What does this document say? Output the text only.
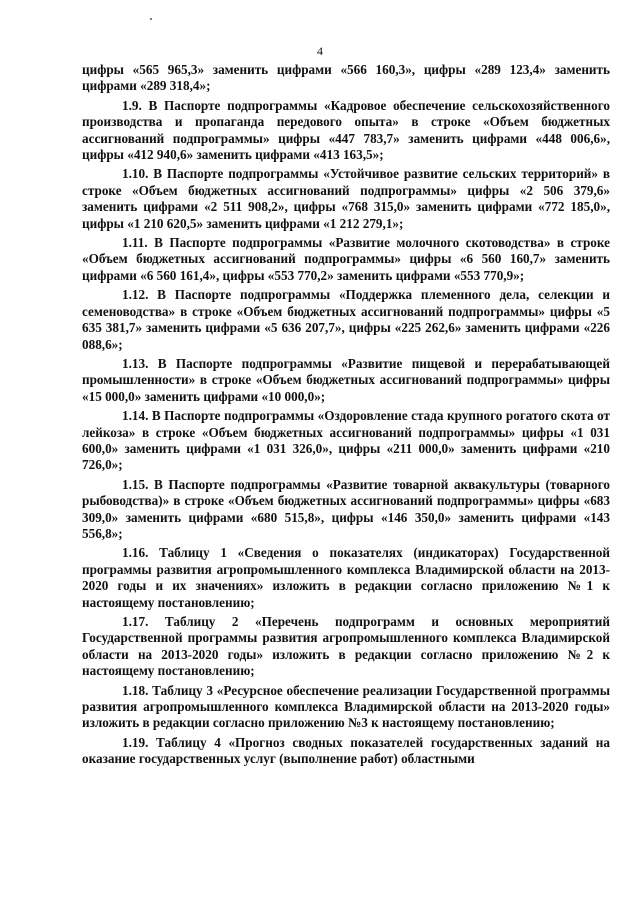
4

цифры «565 965,3» заменить цифрами «566 160,3», цифры «289 123,4» заменить цифрами «289 318,4»;

1.9. В Паспорте подпрограммы «Кадровое обеспечение сельскохозяйственного производства и пропаганда передового опыта» в строке «Объем бюджетных ассигнований подпрограммы» цифры «447 783,7» заменить цифрами «448 006,6», цифры «412 940,6» заменить цифрами «413 163,5»;

1.10. В Паспорте подпрограммы «Устойчивое развитие сельских территорий» в строке «Объем бюджетных ассигнований подпрограммы» цифры «2 506 379,6» заменить цифрами «2 511 908,2», цифры «768 315,0» заменить цифрами «772 185,0», цифры «1 210 620,5» заменить цифрами «1 212 279,1»;

1.11. В Паспорте подпрограммы «Развитие молочного скотоводства» в строке «Объем бюджетных ассигнований подпрограммы» цифры «6 560 160,7» заменить цифрами «6 560 161,4», цифры «553 770,2» заменить цифрами «553 770,9»;

1.12. В Паспорте подпрограммы «Поддержка племенного дела, селекции и семеноводства» в строке «Объем бюджетных ассигнований подпрограммы» цифры «5 635 381,7» заменить цифрами «5 636 207,7», цифры «225 262,6» заменить цифрами «226 088,6»;

1.13. В Паспорте подпрограммы «Развитие пищевой и перерабатывающей промышленности» в строке «Объем бюджетных ассигнований подпрограммы» цифры «15 000,0» заменить цифрами «10 000,0»;

1.14. В Паспорте подпрограммы «Оздоровление стада крупного рогатого скота от лейкоза» в строке «Объем бюджетных ассигнований подпрограммы» цифры «1 031 600,0» заменить цифрами «1 031 326,0», цифры «211 000,0» заменить цифрами «210 726,0»;

1.15. В Паспорте подпрограммы «Развитие товарной аквакультуры (товарного рыбоводства)» в строке «Объем бюджетных ассигнований подпрограммы» цифры «683 309,0» заменить цифрами «680 515,8», цифры «146 350,0» заменить цифрами «143 556,8»;

1.16. Таблицу 1 «Сведения о показателях (индикаторах) Государственной программы развития агропромышленного комплекса Владимирской области на 2013-2020 годы и их значениях» изложить в редакции согласно приложению №1 к настоящему постановлению;

1.17. Таблицу 2 «Перечень подпрограмм и основных мероприятий Государственной программы развития агропромышленного комплекса Владимирской области на 2013-2020 годы» изложить в редакции согласно приложению №2 к настоящему постановлению;

1.18. Таблицу 3 «Ресурсное обеспечение реализации Государственной программы развития агропромышленного комплекса Владимирской области на 2013-2020 годы» изложить в редакции согласно приложению №3 к настоящему постановлению;

1.19. Таблицу 4 «Прогноз сводных показателей государственных заданий на оказание государственных услуг (выполнение работ) областными
